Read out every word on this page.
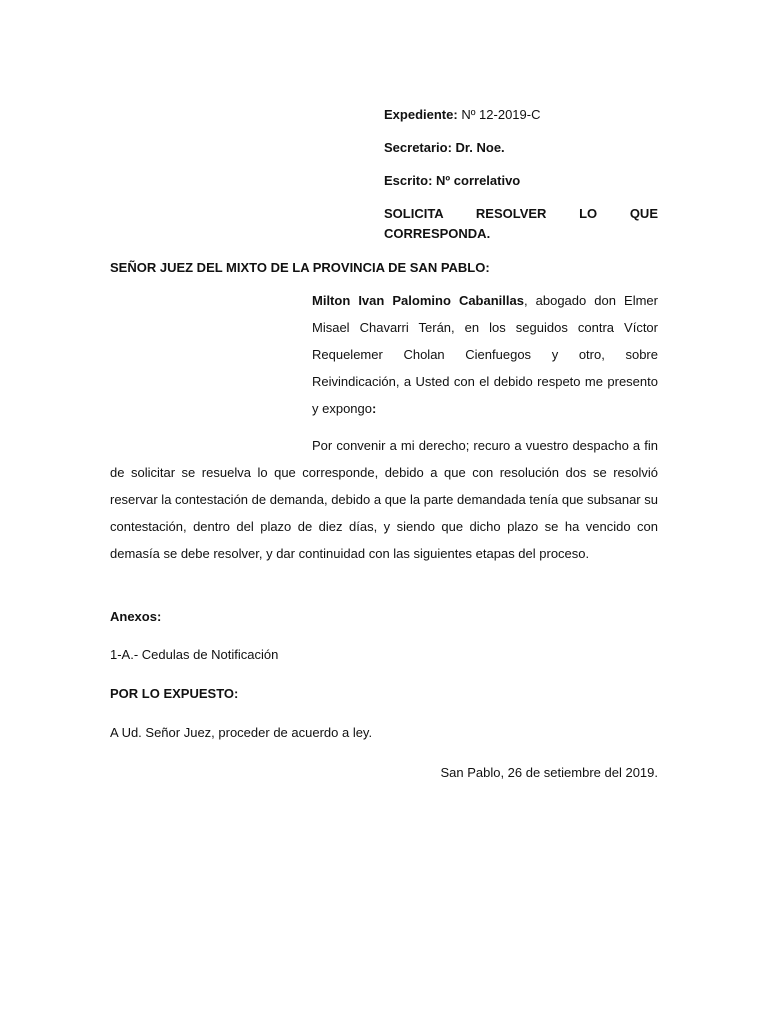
Expediente: Nº 12-2019-C
Secretario: Dr. Noe.
Escrito: Nº correlativo
SOLICITA RESOLVER LO QUE CORRESPONDA.
SEÑOR JUEZ DEL MIXTO DE LA PROVINCIA DE SAN PABLO:
Milton Ivan Palomino Cabanillas, abogado don Elmer Misael Chavarri Terán, en los seguidos contra Víctor Requelemer Cholan Cienfuegos y otro, sobre Reivindicación, a Usted con el debido respeto me presento y expongo:
Por convenir a mi derecho; recuro a vuestro despacho a fin de solicitar se resuelva lo que corresponde, debido a que con resolución dos se resolvió reservar la contestación de demanda, debido a que la parte demandada tenía que subsanar su contestación, dentro del plazo de diez días, y siendo que dicho plazo se ha vencido con demasía se debe resolver, y dar continuidad con las siguientes etapas del proceso.
Anexos:
1-A.- Cedulas de Notificación
POR LO EXPUESTO:
A Ud. Señor Juez, proceder de acuerdo a ley.
San Pablo, 26 de setiembre del 2019.
